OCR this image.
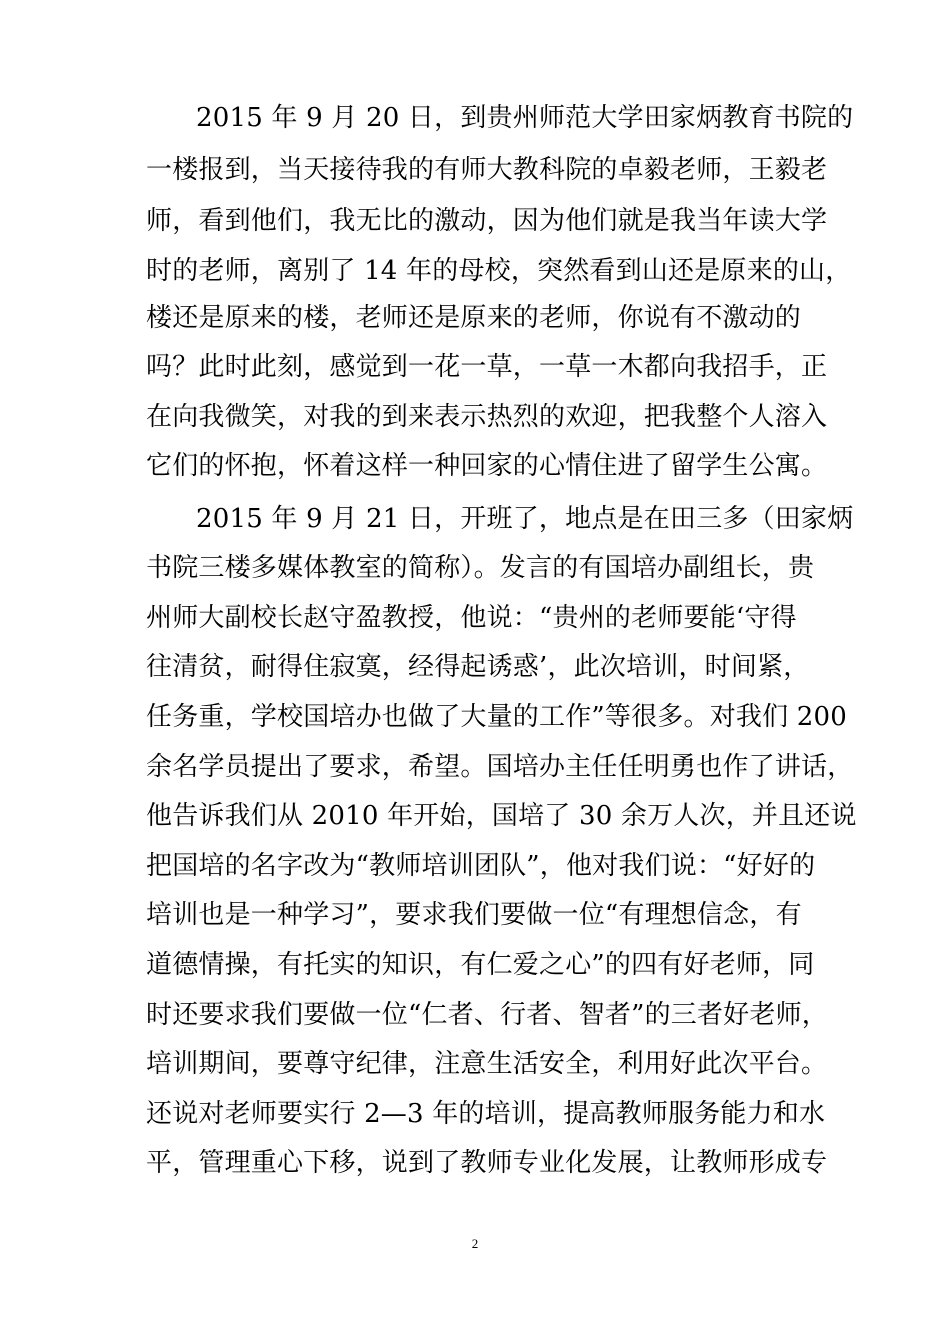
2015 年 9 月 20 日，到贵州师范大学田家炳教育书院的
一楼报到，当天接待我的有师大教科院的卓毅老师，王毅老
师，看到他们，我无比的激动，因为他们就是我当年读大学
时的老师，离别了 14 年的母校，突然看到山还是原来的山，
楼还是原来的楼，老师还是原来的老师，你说有不激动的
吗？此时此刻，感觉到一花一草，一草一木都向我招手，正
在向我微笑，对我的到来表示热烈的欢迎，把我整个人溶入
它们的怀抱，怀着这样一种回家的心情住进了留学生公寓。
2015 年 9 月 21 日，开班了，地点是在田三多（田家炳
书院三楼多媒体教室的简称）。发言的有国培办副组长，贵
州师大副校长赵守盈教授，他说：“贵州的老师要能‘守得
往清贫，耐得住寂寞，经得起诱惑’，此次培训，时间紧，
任务重，学校国培办也做了大量的工作”等很多。对我们 200
余名学员提出了要求，希望。国培办主任任明勇也作了讲话，
他告诉我们从 2010 年开始，国培了 30 余万人次，并且还说
把国培的名字改为“教师培训团队”，他对我们说：“好好的
培训也是一种学习”，要求我们要做一位“有理想信念，有
道德情操，有托实的知识，有仁爱之心”的四有好老师，同
时还要求我们要做一位“仁者、行者、智者”的三者好老师，
培训期间，要尊守纪律，注意生活安全，利用好此次平台。
还说对老师要实行 2—3 年的培训，提高教师服务能力和水
平，管理重心下移，说到了教师专业化发展，让教师形成专
2
